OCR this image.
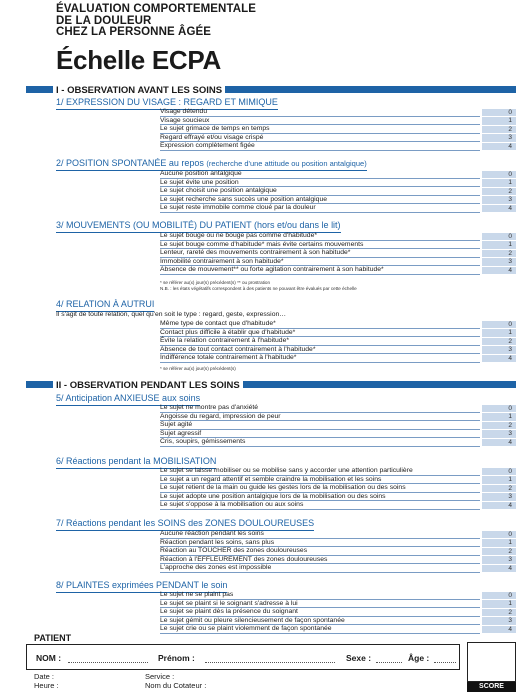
ÉVALUATION COMPORTEMENTALE
DE LA DOULEUR
CHEZ LA PERSONNE ÂGÉE
Échelle ECPA
I - OBSERVATION AVANT LES SOINS
1/ EXPRESSION DU VISAGE : REGARD ET MIMIQUE
Visage détendu	0
Visage soucieux	1
Le sujet grimace de temps en temps	2
Regard effrayé et/ou visage crispé	3
Expression complètement figée	4
2/ POSITION SPONTANÉE au repos (recherche d'une attitude ou position antalgique)
Aucune position antalgique	0
Le sujet évite une position	1
Le sujet choisit une position antalgique	2
Le sujet recherche sans succès une position antalgique	3
Le sujet reste immobile comme cloué par la douleur	4
3/ MOUVEMENTS (OU MOBILITÉ) DU PATIENT (hors et/ou dans le lit)
Le sujet bouge ou ne bouge pas comme d'habitude*	0
Le sujet bouge comme d'habitude* mais évite certains mouvements	1
Lenteur, rareté des mouvements contrairement à son habitude*	2
Immobilité contrairement à son habitude*	3
Absence de mouvement** ou forte agitation contrairement à son habitude*	4
* se référer au(x) jour(s) précédent(s) ** ou prostration
N.B. : les états végétatifs correspondent à des patients ne pouvant être évalués par cette échelle
4/ RELATION À AUTRUI
Il s'agit de toute relation, quel qu'en soit le type : regard, geste, expression…
Même type de contact que d'habitude*	0
Contact plus difficile à établir que d'habitude*	1
Évite la relation contrairement à l'habitude*	2
Absence de tout contact contrairement à l'habitude*	3
Indifférence totale contrairement à l'habitude*	4
* se référer au(x) jour(s) précédent(s)
II - OBSERVATION PENDANT LES SOINS
5/ Anticipation ANXIEUSE aux soins
Le sujet ne montre pas d'anxiété	0
Angoisse du regard, impression de peur	1
Sujet agité	2
Sujet agressif	3
Cris, soupirs, gémissements	4
6/ Réactions pendant la MOBILISATION
Le sujet se laisse mobiliser ou se mobilise sans y accorder une attention particulière	0
Le sujet a un regard attentif et semble craindre la mobilisation et les soins	1
Le sujet retient de la main ou guide les gestes lors de la mobilisation ou des soins	2
Le sujet adopte une position antalgique lors de la mobilisation ou des soins	3
Le sujet s'oppose à la mobilisation ou aux soins	4
7/ Réactions pendant les SOINS des ZONES DOULOUREUSES
Aucune réaction pendant les soins	0
Réaction pendant les soins, sans plus	1
Réaction au TOUCHER des zones douloureuses	2
Réaction à l'EFFLEUREMENT des zones douloureuses	3
L'approche des zones est impossible	4
8/ PLAINTES exprimées PENDANT le soin
Le sujet ne se plaint pas	0
Le sujet se plaint si le soignant s'adresse à lui	1
Le sujet se plaint dès la présence du soignant	2
Le sujet gémit ou pleure silencieusement de façon spontanée	3
Le sujet crie ou se plaint violemment de façon spontanée	4
PATIENT
NOM :	Prénom :	Sexe :	Âge :
Date :
Heure :
Service :
Nom du Cotateur :	SCORE
